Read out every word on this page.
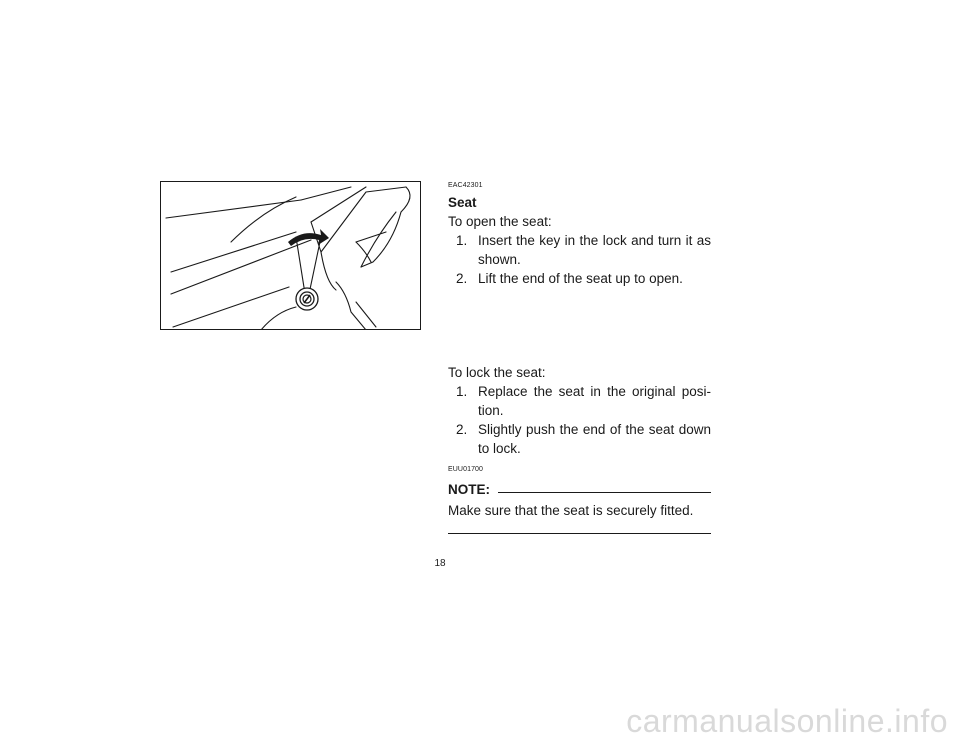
EAC42301

Seat

To open the seat:

1. Insert the key in the lock and turn it as shown.
2. Lift the end of the seat up to open.

To lock the seat:

1. Replace the seat in the original posi-tion.
2. Slightly push the end of the seat down to lock.

EUU01700

NOTE:

Make sure that the seat is securely fitted.

18
carmanualsonline.info
